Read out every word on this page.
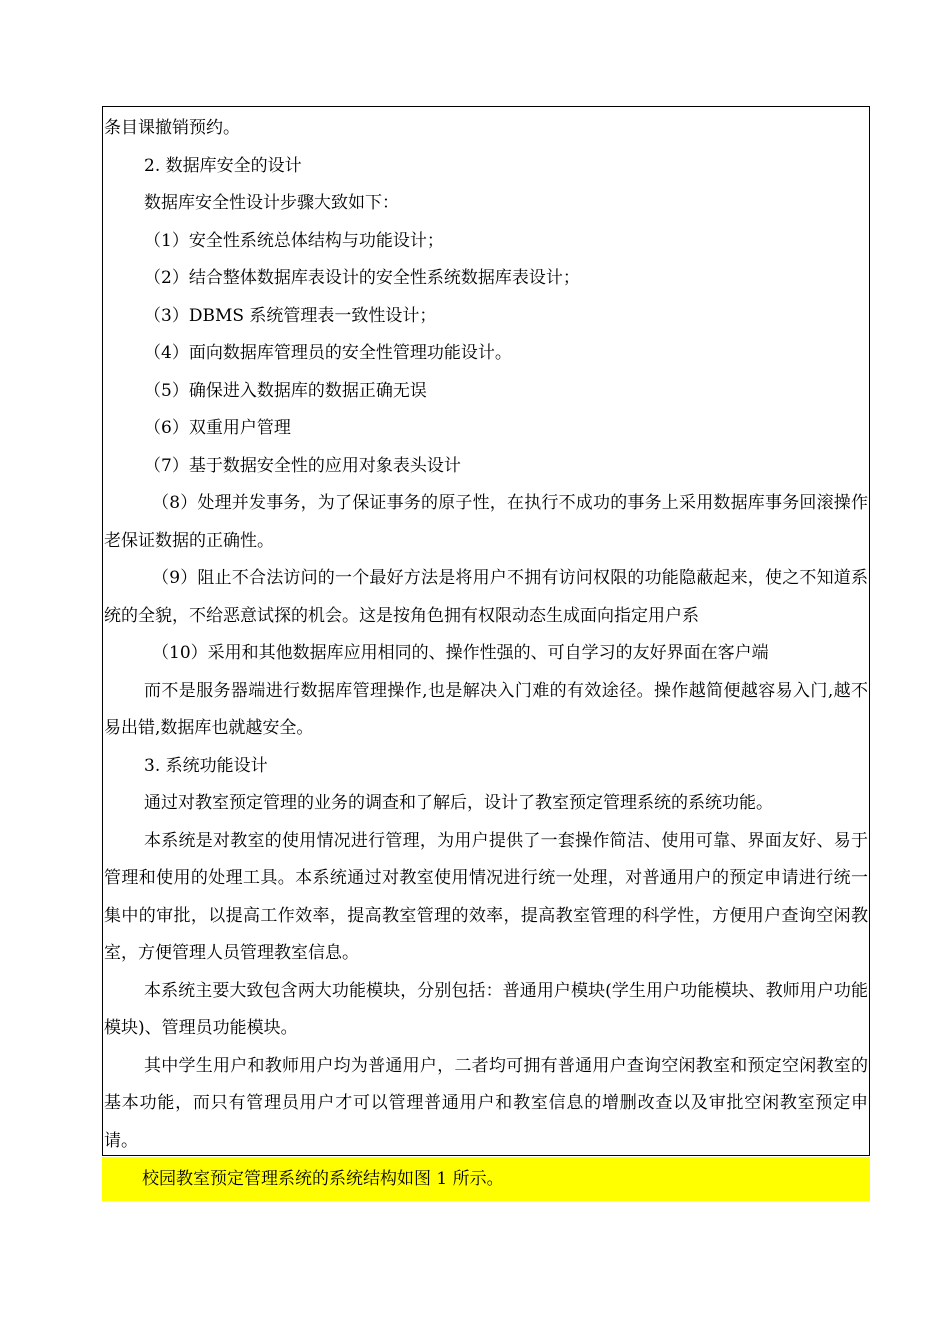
条目课撤销预约。

2. 数据库安全的设计

数据库安全性设计步骤大致如下：

（1）安全性系统总体结构与功能设计；

（2）结合整体数据库表设计的安全性系统数据库表设计；

（3）DBMS 系统管理表一致性设计；

（4）面向数据库管理员的安全性管理功能设计。

（5）确保进入数据库的数据正确无误

（6）双重用户管理

（7）基于数据安全性的应用对象表头设计

（8）处理并发事务，为了保证事务的原子性，在执行不成功的事务上采用数据库事务回滚操作老保证数据的正确性。

（9）阻止不合法访问的一个最好方法是将用户不拥有访问权限的功能隐蔽起来，使之不知道系统的全貌，不给恶意试探的机会。这是按角色拥有权限动态生成面向指定用户系

（10）采用和其他数据库应用相同的、操作性强的、可自学习的友好界面在客户端

而不是服务器端进行数据库管理操作,也是解决入门难的有效途径。操作越简便越容易入门,越不易出错,数据库也就越安全。

3. 系统功能设计

通过对教室预定管理的业务的调查和了解后，设计了教室预定管理系统的系统功能。

本系统是对教室的使用情况进行管理，为用户提供了一套操作简洁、使用可靠、界面友好、易于管理和使用的处理工具。本系统通过对教室使用情况进行统一处理，对普通用户的预定申请进行统一集中的审批，以提高工作效率，提高教室管理的效率，提高教室管理的科学性，方便用户查询空闲教室，方便管理人员管理教室信息。

本系统主要大致包含两大功能模块，分别包括：普通用户模块(学生用户功能模块、教师用户功能模块)、管理员功能模块。

其中学生用户和教师用户均为普通用户，二者均可拥有普通用户查询空闲教室和预定空闲教室的基本功能，而只有管理员用户才可以管理普通用户和教室信息的增删改查以及审批空闲教室预定申请。

校园教室预定管理系统的系统结构如图 1 所示。
